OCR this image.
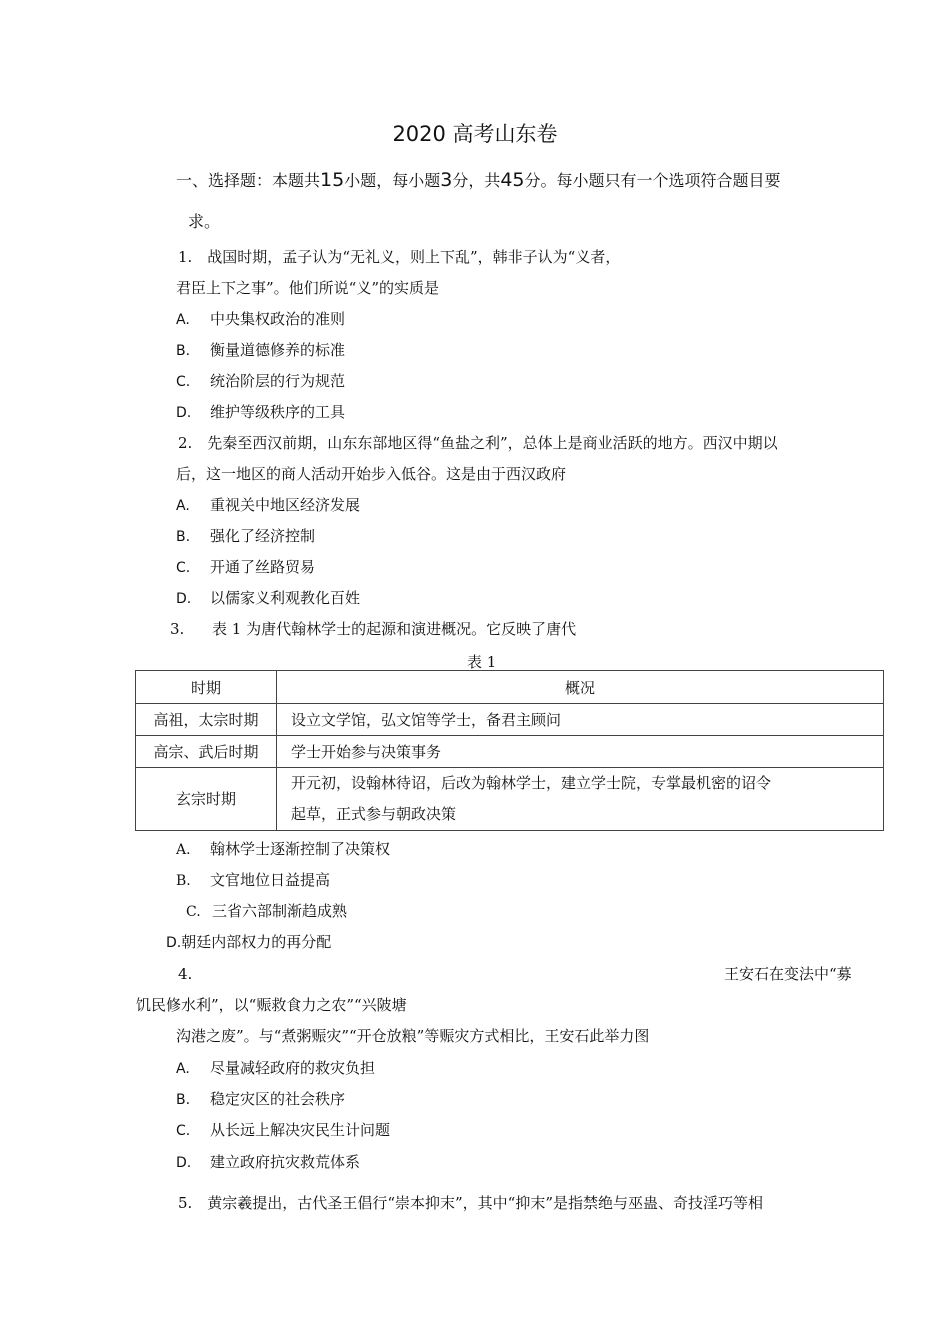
2020 高考山东卷
一、选择题：本题共15小题，每小题3分，共45分。每小题只有一个选项符合题目要
求。
1.　战国时期，孟子认为“无礼义，则上下乱”，韩非子认为“义者，
君臣上下之事”。他们所说“义”的实质是
A. 中央集权政治的准则
B. 衡量道德修养的标准
C. 统治阶层的行为规范
D. 维护等级秩序的工具
2.　先秦至西汉前期，山东东部地区得“鱼盐之利”，总体上是商业活跃的地方。西汉中期以
后，这一地区的商人活动开始步入低谷。这是由于西汉政府
A. 重视关中地区经济发展
B. 强化了经济控制
C. 开通了丝路贸易
D. 以儒家义利观教化百姓
3. 表 1 为唐代翰林学士的起源和演进概况。它反映了唐代
表 1
时期	概况
高祖，太宗时期	设立文学馆，弘文馆等学士，备君主顾问
高宗、武后时期	学士开始参与决策事务
玄宗时期	开元初，设翰林待诏，后改为翰林学士，建立学士院，专掌最机密的诏令
起草，正式参与朝政决策
A. 翰林学士逐渐控制了决策权
B. 文官地位日益提高
C. 三省六部制渐趋成熟
D.朝廷内部权力的再分配
4.	王安石在变法中“募
饥民修水利”，以“赈救食力之农”“兴陂塘
沟港之废”。与“煮粥赈灾”“开仓放粮”等赈灾方式相比，王安石此举力图
A. 尽量减轻政府的救灾负担
B. 稳定灾区的社会秩序
C. 从长远上解决灾民生计问题
D. 建立政府抗灾救荒体系
5.　黄宗羲提出，古代圣王倡行“崇本抑末”，其中“抑末”是指禁绝与巫蛊、奇技淫巧等相
